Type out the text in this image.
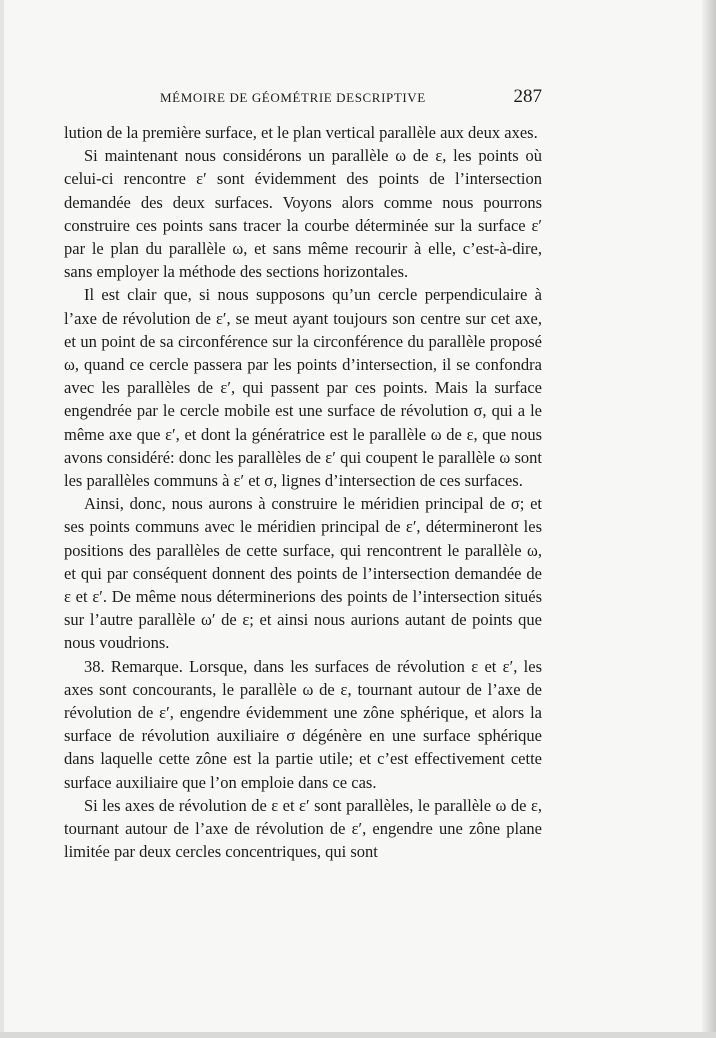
MÉMOIRE DE GÉOMÉTRIE DESCRIPTIVE	287

lution de la première surface, et le plan vertical parallèle aux deux axes.

Si maintenant nous considérons un parallèle ω de ε, les points où celui-ci rencontre ε′ sont évidemment des points de l’intersection demandée des deux surfaces. Voyons alors comme nous pourrons construire ces points sans tracer la courbe déterminée sur la surface ε′ par le plan du parallèle ω, et sans même recourir à elle, c’est-à-dire, sans employer la méthode des sections horizontales.

Il est clair que, si nous supposons qu’un cercle perpendiculaire à l’axe de révolution de ε′, se meut ayant toujours son centre sur cet axe, et un point de sa circonférence sur la circonférence du parallèle proposé ω, quand ce cercle passera par les points d’intersection, il se confondra avec les parallèles de ε′, qui passent par ces points. Mais la surface engendrée par le cercle mobile est une surface de révolution σ, qui a le même axe que ε′, et dont la génératrice est le parallèle ω de ε, que nous avons considéré: donc les parallèles de ε′ qui coupent le parallèle ω sont les parallèles communs à ε′ et σ, lignes d’intersection de ces surfaces.

Ainsi, donc, nous aurons à construire le méridien principal de σ; et ses points communs avec le méridien principal de ε′, détermineront les positions des parallèles de cette surface, qui rencontrent le parallèle ω, et qui par conséquent donnent des points de l’intersection demandée de ε et ε′. De même nous déterminerions des points de l’intersection situés sur l’autre parallèle ω′ de ε; et ainsi nous aurions autant de points que nous voudrions.

38. Remarque. Lorsque, dans les surfaces de révolution ε et ε′, les axes sont concourants, le parallèle ω de ε, tournant autour de l’axe de révolution de ε′, engendre évidemment une zône sphérique, et alors la surface de révolution auxiliaire σ dégénère en une surface sphérique dans laquelle cette zône est la partie utile; et c’est effectivement cette surface auxiliaire que l’on emploie dans ce cas.

Si les axes de révolution de ε et ε′ sont parallèles, le parallèle ω de ε, tournant autour de l’axe de révolution de ε′, engendre une zône plane limitée par deux cercles concentriques, qui sont
